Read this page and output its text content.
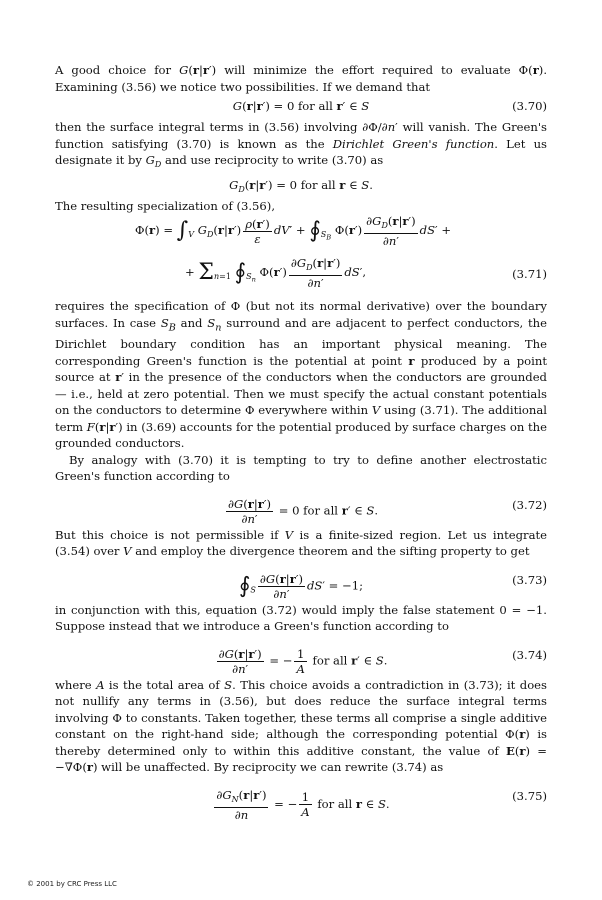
A good choice for G(r|r′) will minimize the effort required to evaluate Φ(r). Examining (3.56) we notice two possibilities. If we demand that

G(r|r′) = 0 for all r′ ∈ S	(3.70)

then the surface integral terms in (3.56) involving ∂Φ/∂n′ will vanish. The Green's function satisfying (3.70) is known as the Dirichlet Green's function. Let us designate it by $G_D$ and use reciprocity to write (3.70) as

$G_D(r|r') = 0$ for all r ∈ S.

The resulting specialization of (3.56),

$\Phi(r) = \int_V$ $G_D(r|r') \frac{\rho(r')}{\varepsilon} dV'$ + $∮_{S_B}$ $\Phi(r') \frac{\partial G_D(r|r')}{\partial n'} dS'$ +
+ $\Sigma_{n=1}$ $∮_{S_n}$ $\Phi(r') \frac{\partial G_D(r|r')}{\partial n'} dS'$,	(3.71)

requires the specification of Φ (but not its normal derivative) over the boundary surfaces. In case $S_B$ and $S_n$ surround and are adjacent to perfect conductors, the Dirichlet boundary condition has an important physical meaning. The corresponding Green's function is the potential at point r produced by a point source at r′ in the presence of the conductors when the conductors are grounded — i.e., held at zero potential. Then we must specify the actual constant potentials on the conductors to determine Φ everywhere within V using (3.71). The additional term F(r|r′) in (3.69) accounts for the potential produced by surface charges on the grounded conductors.

By analogy with (3.70) it is tempting to try to define another electrostatic Green's function according to

$\frac{\partial G(r|r')}{\partial n'} = 0$ for all r′ ∈ S.	(3.72)

But this choice is not permissible if V is a finite-sized region. Let us integrate (3.54) over V and employ the divergence theorem and the sifting property to get

$∮_S \frac{\partial G(r|r')}{\partial n'} dS' = -1$;	(3.73)

in conjunction with this, equation (3.72) would imply the false statement 0 = −1. Suppose instead that we introduce a Green's function according to

$\frac{\partial G(r|r')}{\partial n'}$ = − $\frac{1}{A}$ for all r′ ∈ S.	(3.74)

where A is the total area of S. This choice avoids a contradiction in (3.73); it does not nullify any terms in (3.56), but does reduce the surface integral terms involving Φ to constants. Taken together, these terms all comprise a single additive constant on the right-hand side; although the corresponding potential Φ(r) is thereby determined only to within this additive constant, the value of E(r) = −∇Φ(r) will be unaffected. By reciprocity we can rewrite (3.74) as

$\frac{\partial G_N(r|r')}{\partial n}$ = − $\frac{1}{A}$ for all r ∈ S.
(3.75)
© 2001 by CRC Press LLC
